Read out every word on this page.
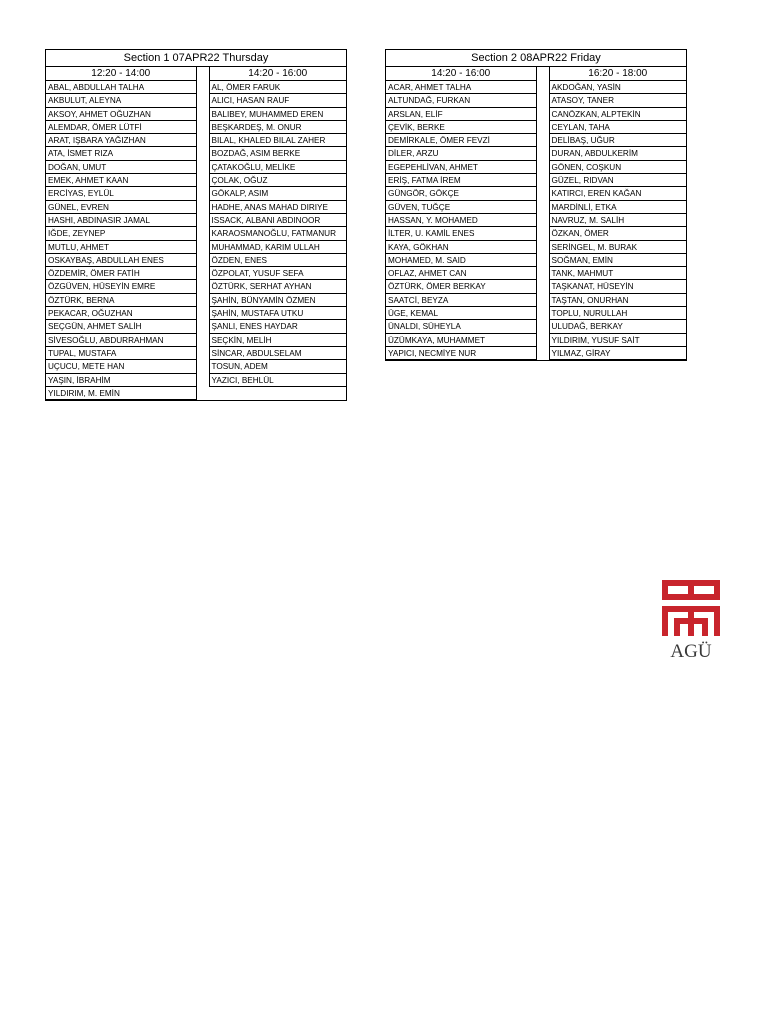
Section 1 07APR22 Thursday
12:20 - 14:00
ABAL, ABDULLAH TALHA
AKBULUT, ALEYNA
AKSOY, AHMET OĞUZHAN
ALEMDAR, ÖMER LÜTFİ
ARAT, IŞBARA YAĞIZHAN
ATA, İSMET RIZA
DOĞAN, UMUT
EMEK, AHMET KAAN
ERCİYAS, EYLÜL
GÜNEL, EVREN
HASHI, ABDINASIR JAMAL
IĞDE, ZEYNEP
MUTLU, AHMET
OSKAYBAŞ, ABDULLAH ENES
ÖZDEMİR, ÖMER FATİH
ÖZGÜVEN, HÜSEYİN EMRE
ÖZTÜRK, BERNA
PEKACAR, OĞUZHAN
SEÇGÜN, AHMET SALİH
SİVESOĞLU, ABDURRAHMAN
TUPAL, MUSTAFA
UÇUCU, METE HAN
YAŞIN, İBRAHİM
YILDIRIM, M. EMİN
14:20 - 16:00
AL, ÖMER FARUK
ALICI, HASAN RAUF
BALIBEY, MUHAMMED EREN
BEŞKARDEŞ, M. ONUR
BILAL, KHALED BILAL ZAHER
BOZDAĞ, ASIM BERKE
ÇATAKOĞLU, MELİKE
ÇOLAK, OĞUZ
GÖKALP, ASIM
HADHE, ANAS MAHAD DIRIYE
ISSACK, ALBANI ABDINOOR
KARAOSMANOĞLU, FATMANUR
MUHAMMAD, KARIM ULLAH
ÖZDEN, ENES
ÖZPOLAT, YUSUF SEFA
ÖZTÜRK, SERHAT AYHAN
ŞAHİN, BÜNYAMİN ÖZMEN
ŞAHİN, MUSTAFA UTKU
ŞANLI, ENES HAYDAR
SEÇKİN, MELİH
SİNCAR, ABDULSELAM
TOSUN, ADEM
YAZICI, BEHLÜL
Section 2 08APR22 Friday
14:20 - 16:00
ACAR, AHMET TALHA
ALTUNDAĞ, FURKAN
ARSLAN, ELİF
ÇEVİK, BERKE
DEMİRKALE, ÖMER FEVZİ
DİLER, ARZU
EGEPEHLİVAN, AHMET
ERİŞ, FATMA İREM
GÜNGÖR, GÖKÇE
GÜVEN, TUĞÇE
HASSAN, Y. MOHAMED
İLTER, U. KAMİL ENES
KAYA, GÖKHAN
MOHAMED, M. SAID
OFLAZ, AHMET CAN
ÖZTÜRK, ÖMER BERKAY
SAATCİ, BEYZA
ÜGE, KEMAL
ÜNALDI, SÜHEYLA
ÜZÜMKAYA, MUHAMMET
YAPICI, NECMİYE NUR
16:20 - 18:00
AKDOĞAN, YASİN
ATASOY, TANER
CANÖZKAN, ALPTEKİN
CEYLAN, TAHA
DELİBAŞ, UĞUR
DURAN, ABDULKERİM
GÖNEN, COŞKUN
GÜZEL, RIDVAN
KATIRCI, EREN KAĞAN
MARDİNLİ, ETKA
NAVRUZ, M. SALİH
ÖZKAN, ÖMER
SERİNGEL, M. BURAK
SOĞMAN, EMİN
TANK, MAHMUT
TAŞKANAT, HÜSEYİN
TAŞTAN, ONURHAN
TOPLU, NURULLAH
ULUDAĞ, BERKAY
YILDIRIM, YUSUF SAİT
YILMAZ, GİRAY
AGÜ
